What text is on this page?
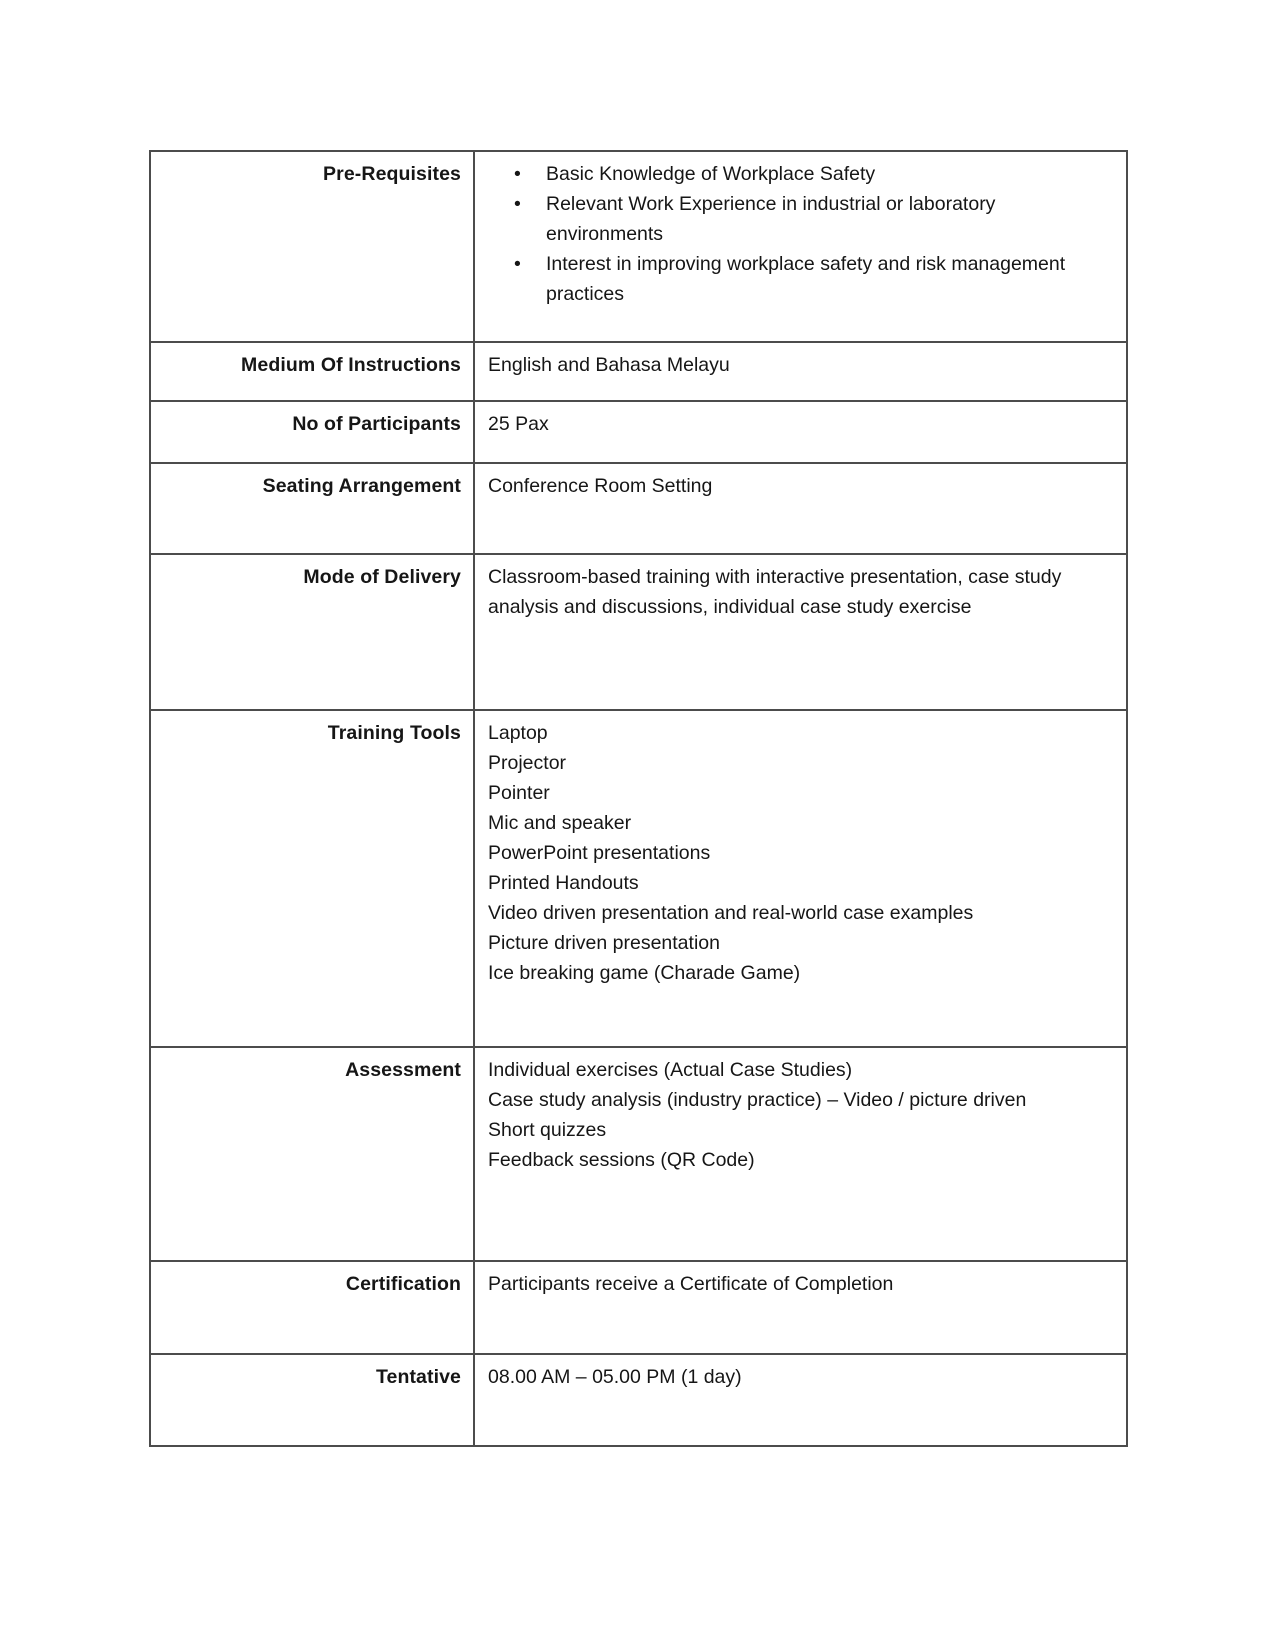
Pre-Requisites	• Basic Knowledge of Workplace Safety
• Relevant Work Experience in industrial or laboratory environments
• Interest in improving workplace safety and risk management practices

Medium Of Instructions	English and Bahasa Melayu

No of Participants	25 Pax

Seating Arrangement	Conference Room Setting

Mode of Delivery	Classroom-based training with interactive presentation, case study analysis and discussions, individual case study exercise

Training Tools	Laptop
Projector
Pointer
Mic and speaker
PowerPoint presentations
Printed Handouts
Video driven presentation and real-world case examples
Picture driven presentation
Ice breaking game (Charade Game)

Assessment	Individual exercises (Actual Case Studies)
Case study analysis (industry practice) – Video / picture driven
Short quizzes
Feedback sessions (QR Code)

Certification	Participants receive a Certificate of Completion

Tentative	08.00 AM – 05.00 PM (1 day)
